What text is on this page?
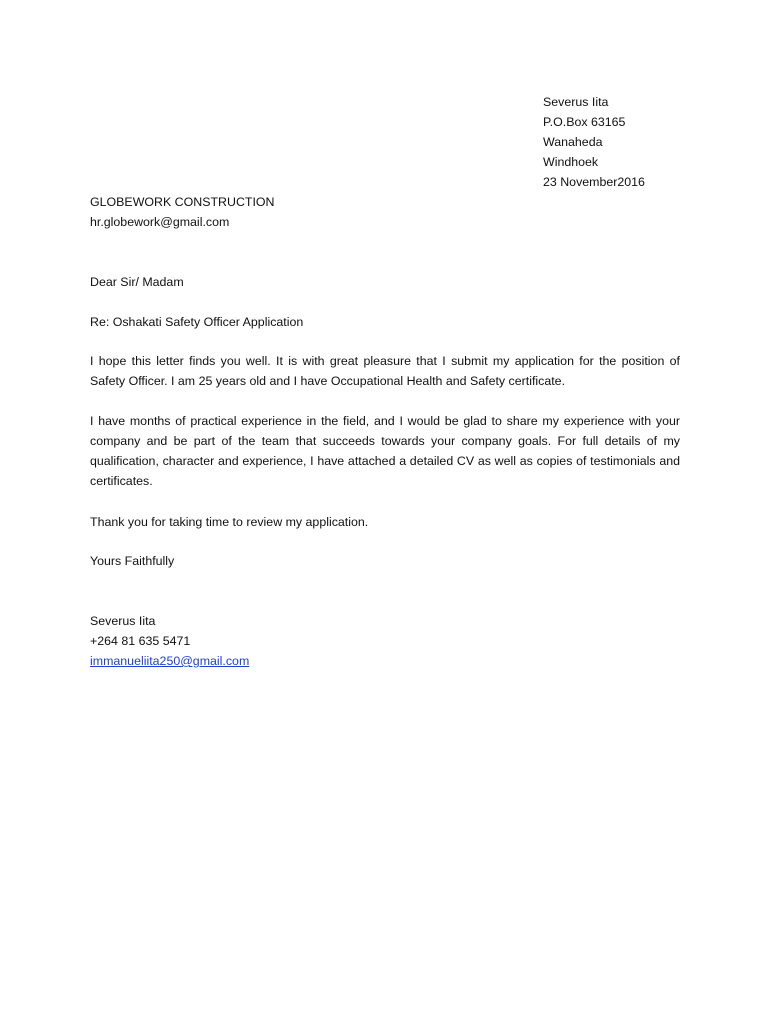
Severus Iita
P.O.Box 63165
Wanaheda
Windhoek
23 November2016
GLOBEWORK CONSTRUCTION
hr.globework@gmail.com
Dear Sir/ Madam
Re: Oshakati Safety Officer Application
I hope this letter finds you well. It is with great pleasure that I submit my application for the position of Safety Officer. I am 25 years old and I have Occupational Health and Safety certificate.
I have months of practical experience in the field, and I would be glad to share my experience with your company and be part of the team that succeeds towards your company goals. For full details of my qualification, character and experience, I have attached a detailed CV as well as copies of testimonials and certificates.
Thank you for taking time to review my application.
Yours Faithfully
Severus Iita
+264 81 635 5471
immanueliita250@gmail.com
